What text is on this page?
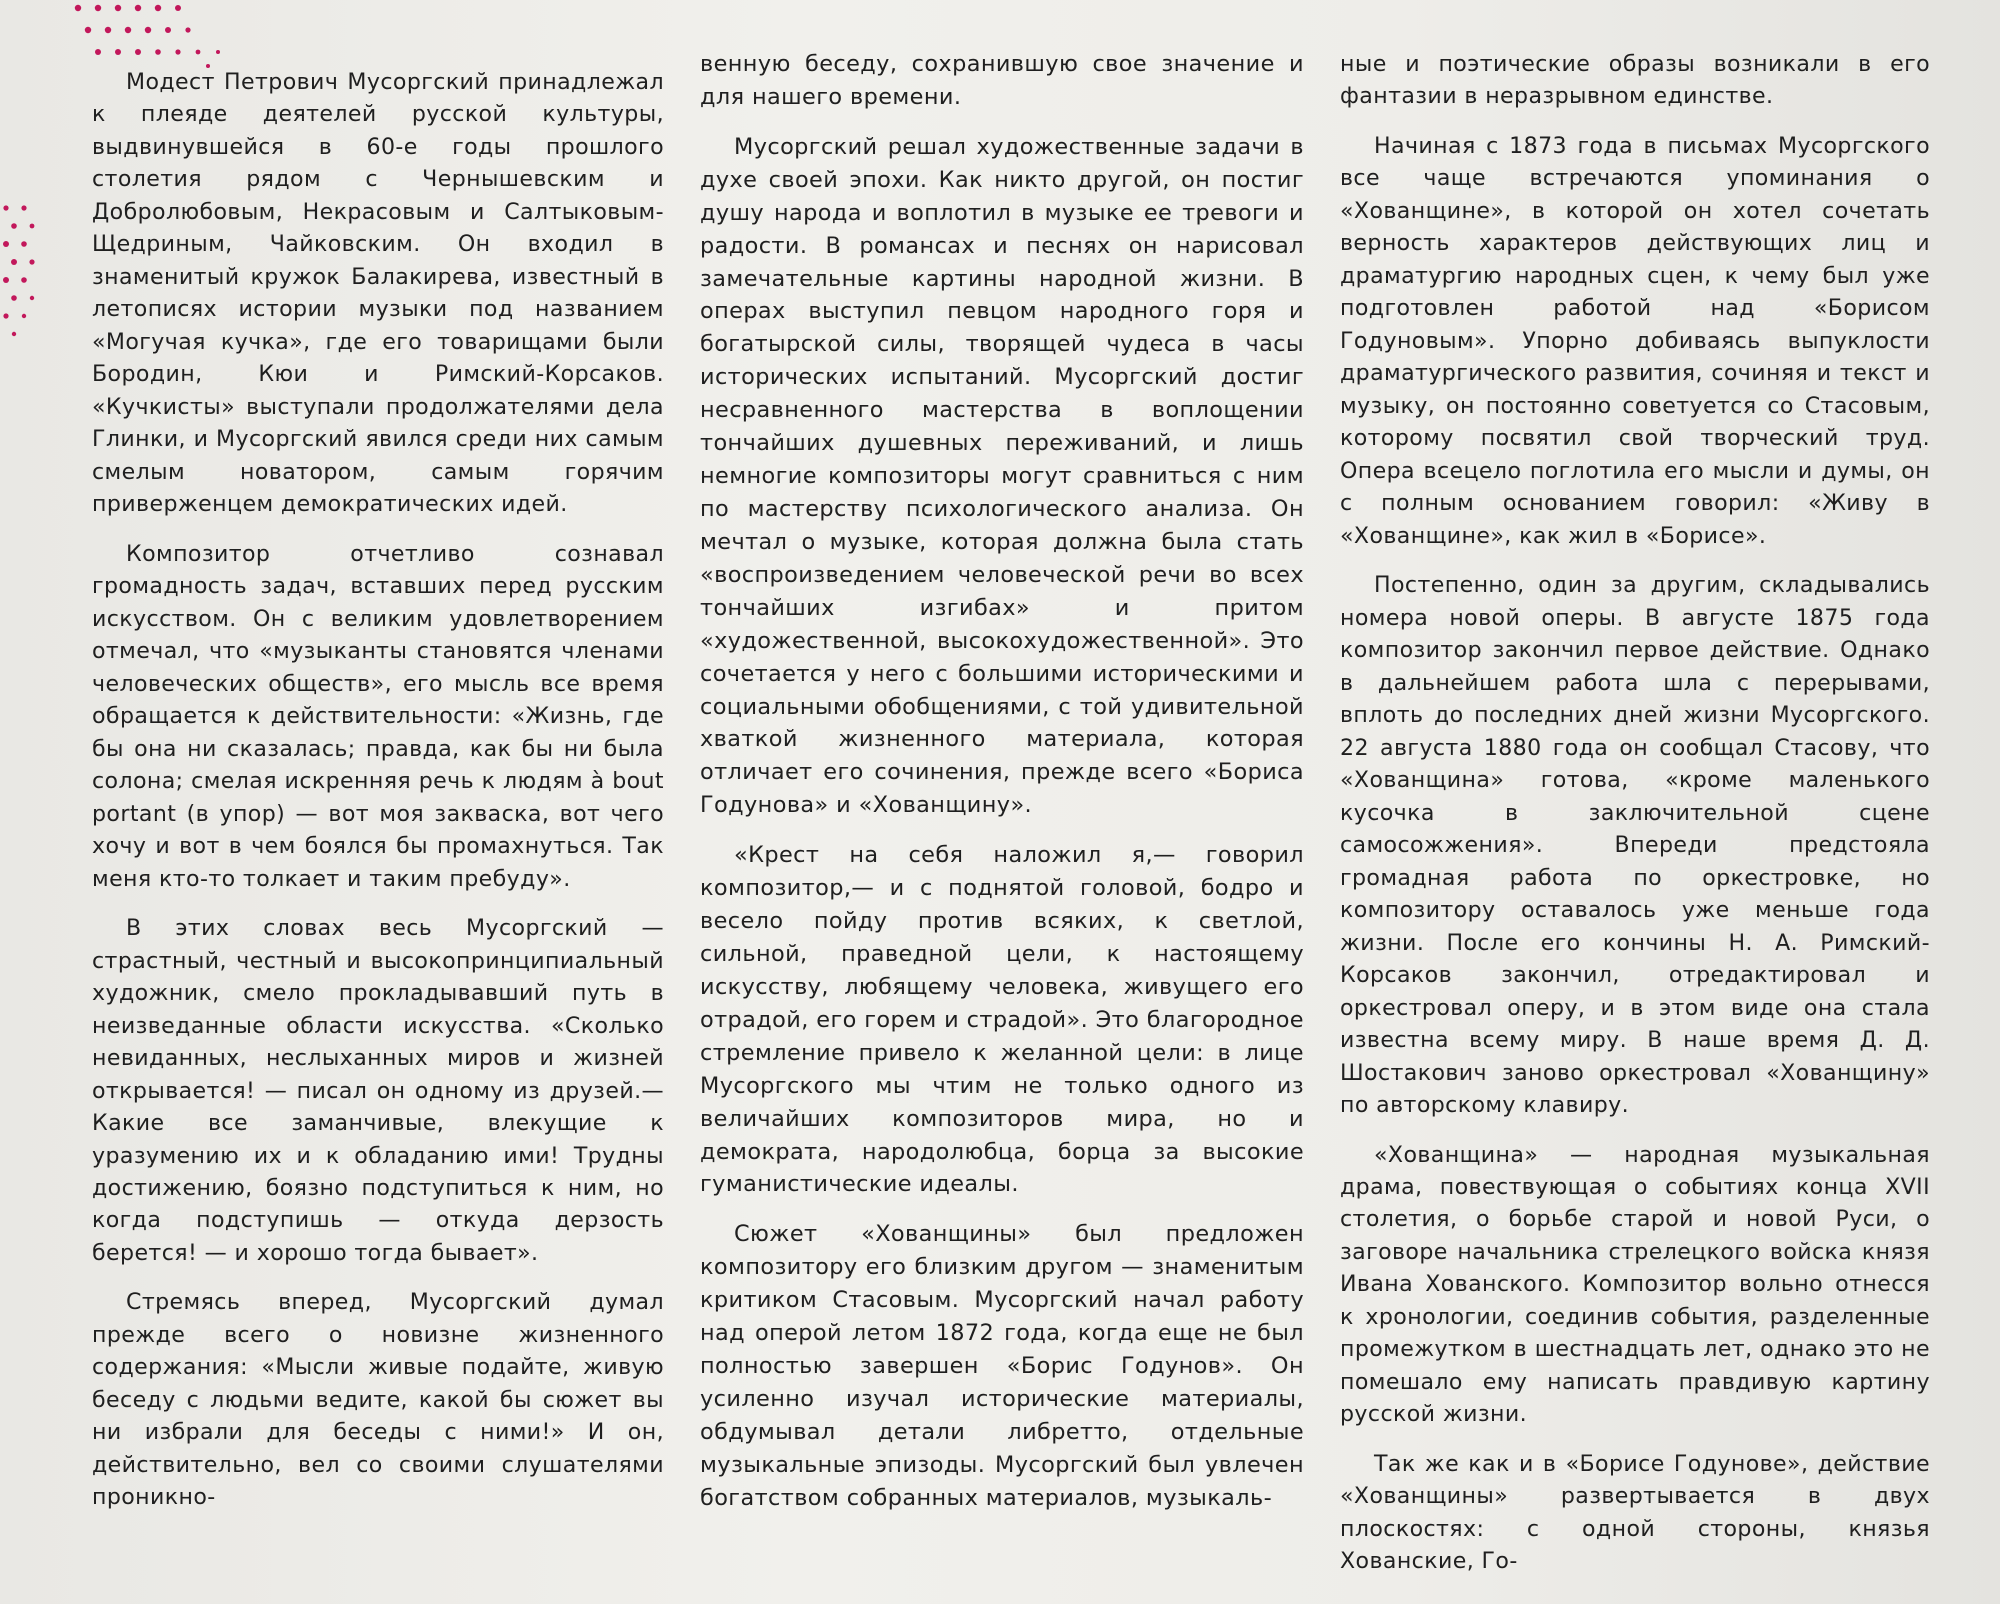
Модест Петрович Мусоргский принадлежал к плеяде деятелей русской культуры, выдвинувшейся в 60-е годы прошлого столетия рядом с Чернышевским и Добролюбовым, Некрасовым и Салтыковым-Щедриным, Чайковским. Он входил в знаменитый кружок Балакирева, известный в летописях истории музыки под названием «Могучая кучка», где его товарищами были Бородин, Кюи и Римский-Корсаков. «Кучкисты» выступали продолжателями дела Глинки, и Мусоргский явился среди них самым смелым новатором, самым горячим приверженцем демократических идей.

Композитор отчетливо сознавал громадность задач, вставших перед русским искусством. Он с великим удовлетворением отмечал, что «музыканты становятся членами человеческих обществ», его мысль все время обращается к действительности: «Жизнь, где бы она ни сказалась; правда, как бы ни была солона; смелая искренняя речь к людям à bout portant (в упор) — вот моя закваска, вот чего хочу и вот в чем боялся бы промахнуться. Так меня кто-то толкает и таким пребуду».

В этих словах весь Мусоргский — страстный, честный и высокопринципиальный художник, смело прокладывавший путь в неизведанные области искусства. «Сколько невиданных, неслыханных миров и жизней открывается! — писал он одному из друзей.— Какие все заманчивые, влекущие к уразумению их и к обладанию ими! Трудны достижению, боязно подступиться к ним, но когда подступишь — откуда дерзость берется! — и хорошо тогда бывает».

Стремясь вперед, Мусоргский думал прежде всего о новизне жизненного содержания: «Мысли живые подайте, живую беседу с людьми ведите, какой бы сюжет вы ни избрали для беседы с ними!» И он, действительно, вел со своими слушателями проникно-

венную беседу, сохранившую свое значение и для нашего времени.

Мусоргский решал художественные задачи в духе своей эпохи. Как никто другой, он постиг душу народа и воплотил в музыке ее тревоги и радости. В романсах и песнях он нарисовал замечательные картины народной жизни. В операх выступил певцом народного горя и богатырской силы, творящей чудеса в часы исторических испытаний. Мусоргский достиг несравненного мастерства в воплощении тончайших душевных переживаний, и лишь немногие композиторы могут сравниться с ним по мастерству психологического анализа. Он мечтал о музыке, которая должна была стать «воспроизведением человеческой речи во всех тончайших изгибах» и притом «художественной, высокохудожественной». Это сочетается у него с большими историческими и социальными обобщениями, с той удивительной хваткой жизненного материала, которая отличает его сочинения, прежде всего «Бориса Годунова» и «Хованщину».

«Крест на себя наложил я,— говорил композитор,— и с поднятой головой, бодро и весело пойду против всяких, к светлой, сильной, праведной цели, к настоящему искусству, любящему человека, живущего его отрадой, его горем и страдой». Это благородное стремление привело к желанной цели: в лице Мусоргского мы чтим не только одного из величайших композиторов мира, но и демократа, народолюбца, борца за высокие гуманистические идеалы.

Сюжет «Хованщины» был предложен композитору его близким другом — знаменитым критиком Стасовым. Мусоргский начал работу над оперой летом 1872 года, когда еще не был полностью завершен «Борис Годунов». Он усиленно изучал исторические материалы, обдумывал детали либретто, отдельные музыкальные эпизоды. Мусоргский был увлечен богатством собранных материалов, музыкаль-

ные и поэтические образы возникали в его фантазии в неразрывном единстве.

Начиная с 1873 года в письмах Мусоргского все чаще встречаются упоминания о «Хованщине», в которой он хотел сочетать верность характеров действующих лиц и драматургию народных сцен, к чему был уже подготовлен работой над «Борисом Годуновым». Упорно добиваясь выпуклости драматургического развития, сочиняя и текст и музыку, он постоянно советуется со Стасовым, которому посвятил свой творческий труд. Опера всецело поглотила его мысли и думы, он с полным основанием говорил: «Живу в «Хованщине», как жил в «Борисе».

Постепенно, один за другим, складывались номера новой оперы. В августе 1875 года композитор закончил первое действие. Однако в дальнейшем работа шла с перерывами, вплоть до последних дней жизни Мусоргского. 22 августа 1880 года он сообщал Стасову, что «Хованщина» готова, «кроме маленького кусочка в заключительной сцене самосожжения». Впереди предстояла громадная работа по оркестровке, но композитору оставалось уже меньше года жизни. После его кончины Н. А. Римский-Корсаков закончил, отредактировал и оркестровал оперу, и в этом виде она стала известна всему миру. В наше время Д. Д. Шостакович заново оркестровал «Хованщину» по авторскому клавиру.

«Хованщина» — народная музыкальная драма, повествующая о событиях конца XVII столетия, о борьбе старой и новой Руси, о заговоре начальника стрелецкого войска князя Ивана Хованского. Композитор вольно отнесся к хронологии, соединив события, разделенные промежутком в шестнадцать лет, однако это не помешало ему написать правдивую картину русской жизни.

Так же как и в «Борисе Годунове», действие «Хованщины» развертывается в двух плоскостях: с одной стороны, князья Хованские, Го-
